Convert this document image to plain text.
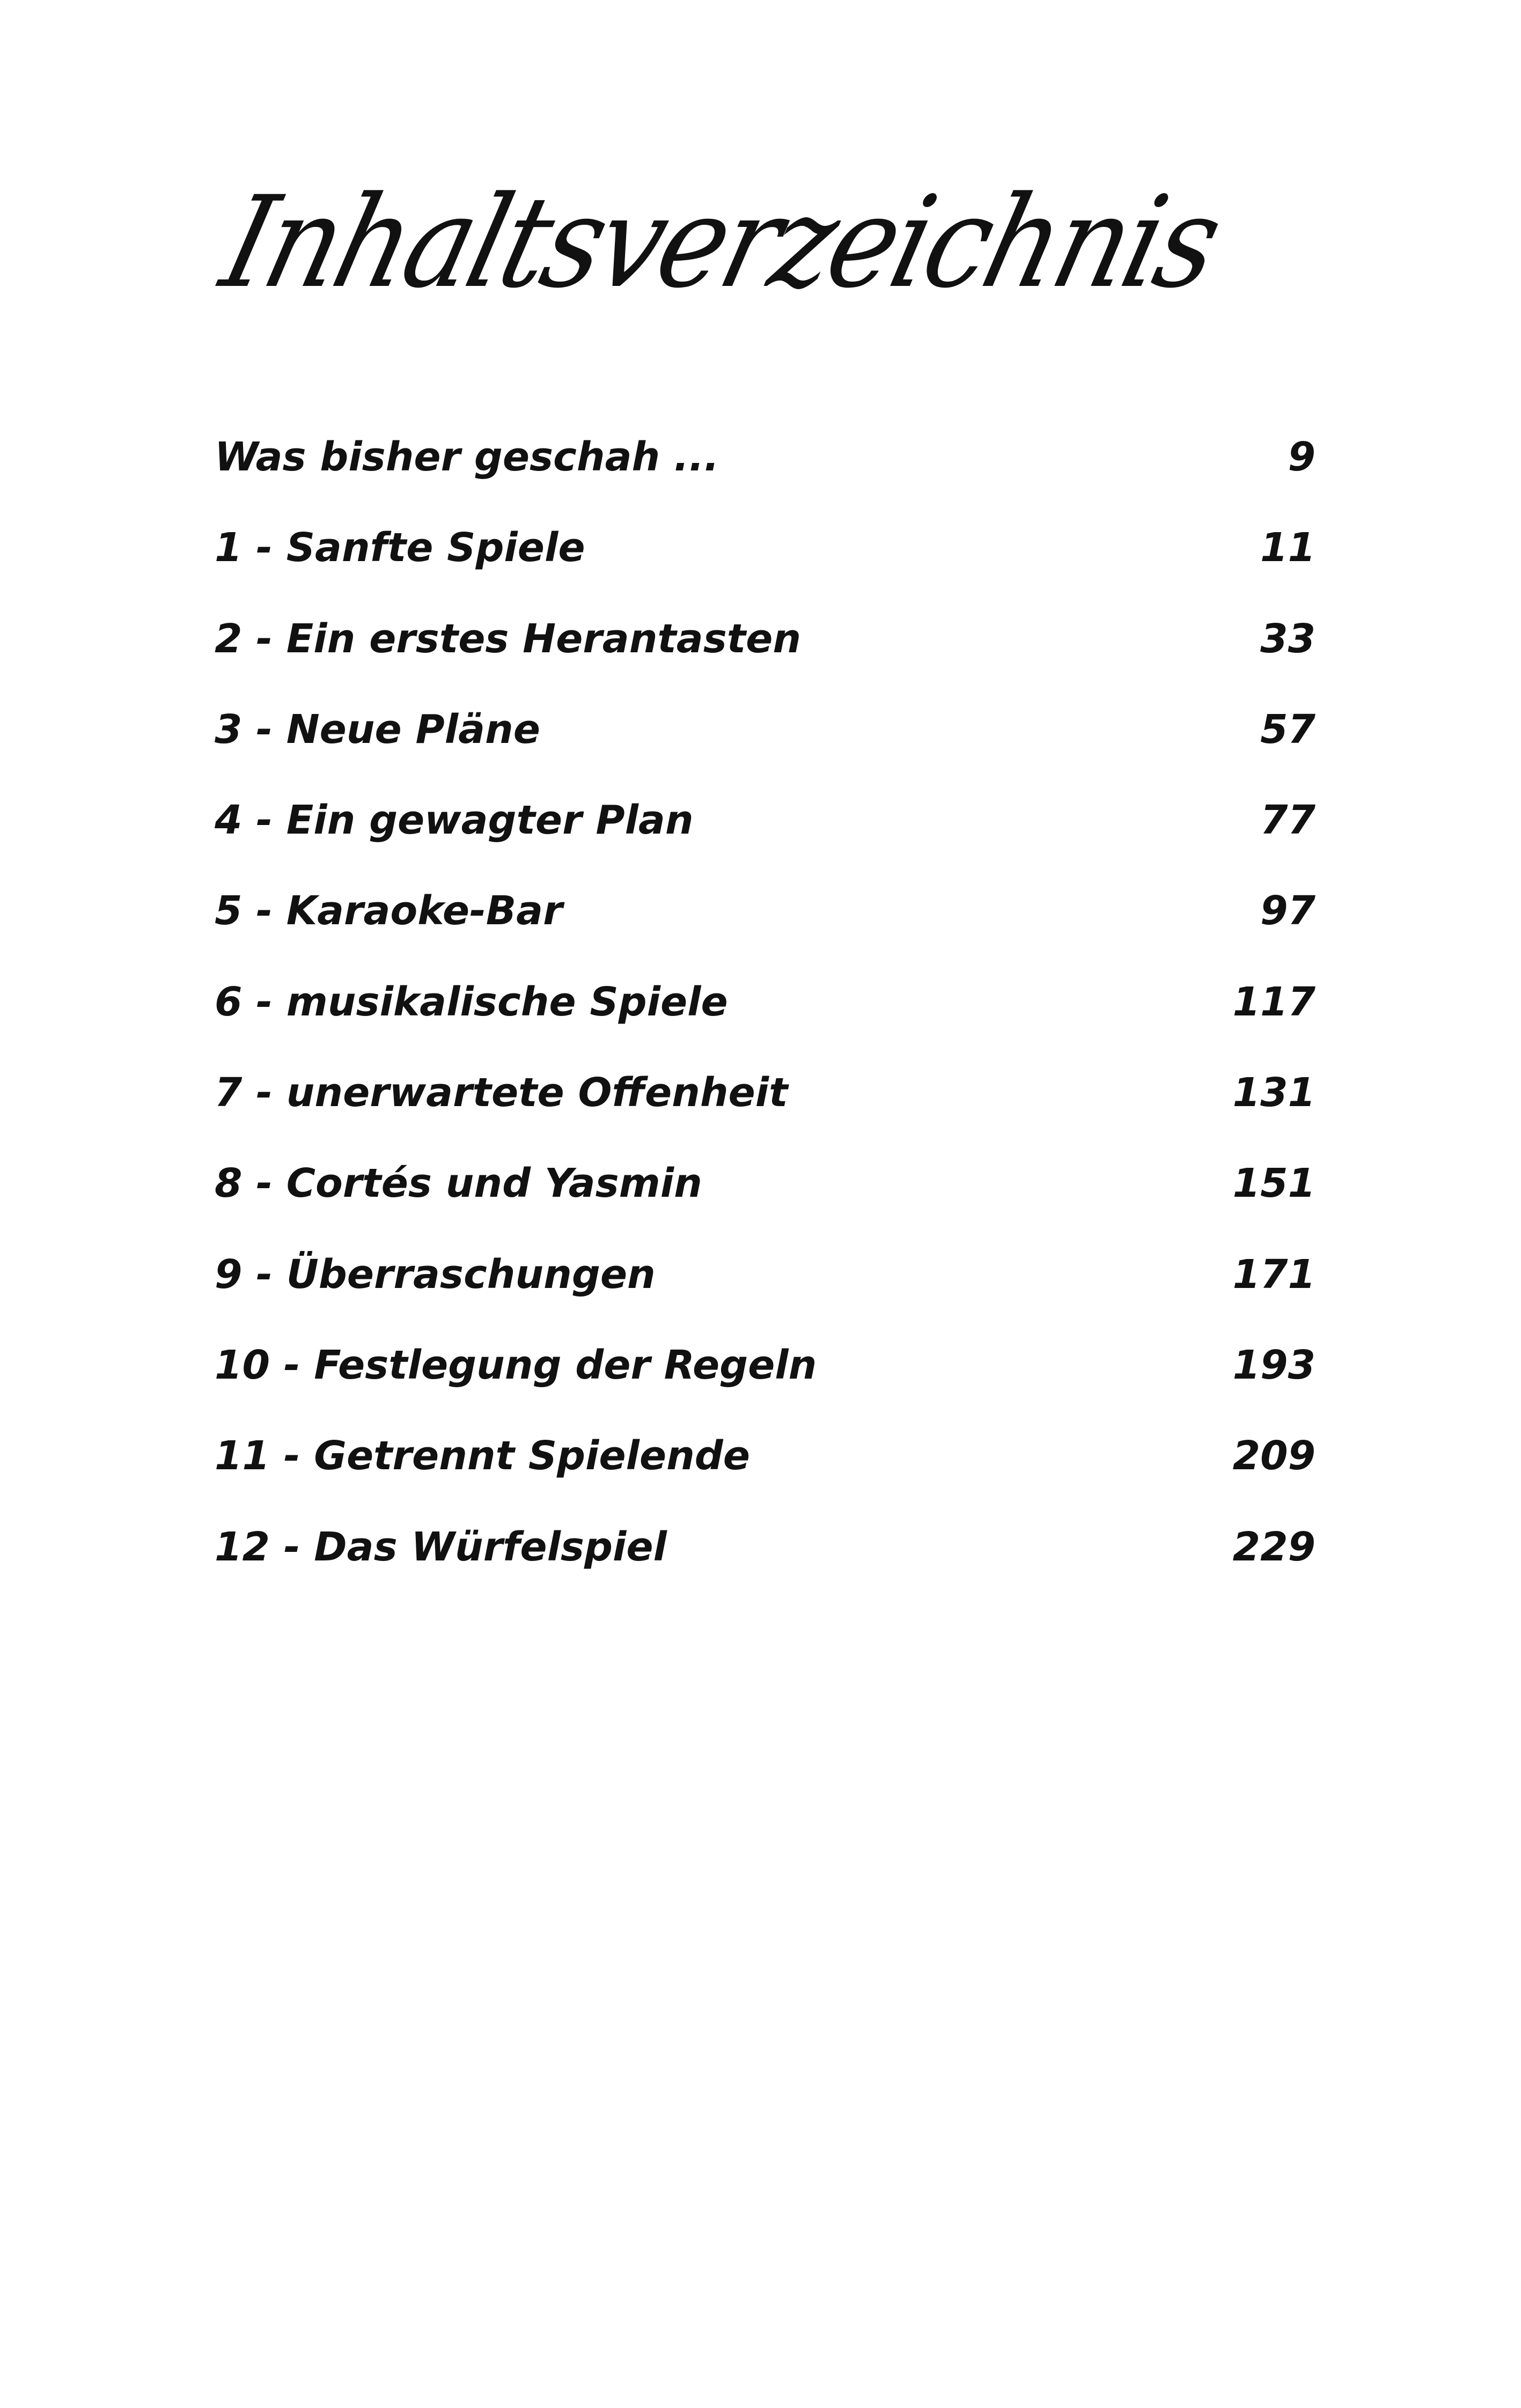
Inhaltsverzeichnis
Was bisher geschah ...	9
1 - Sanfte Spiele	11
2 - Ein erstes Herantasten	33
3 - Neue Pläne	57
4 - Ein gewagter Plan	77
5 - Karaoke-Bar	97
6 - musikalische Spiele	117
7 - unerwartete Offenheit	131
8 - Cortés und Yasmin	151
9 - Überraschungen	171
10 - Festlegung der Regeln	193
11 - Getrennt Spielende	209
12 - Das Würfelspiel	229
